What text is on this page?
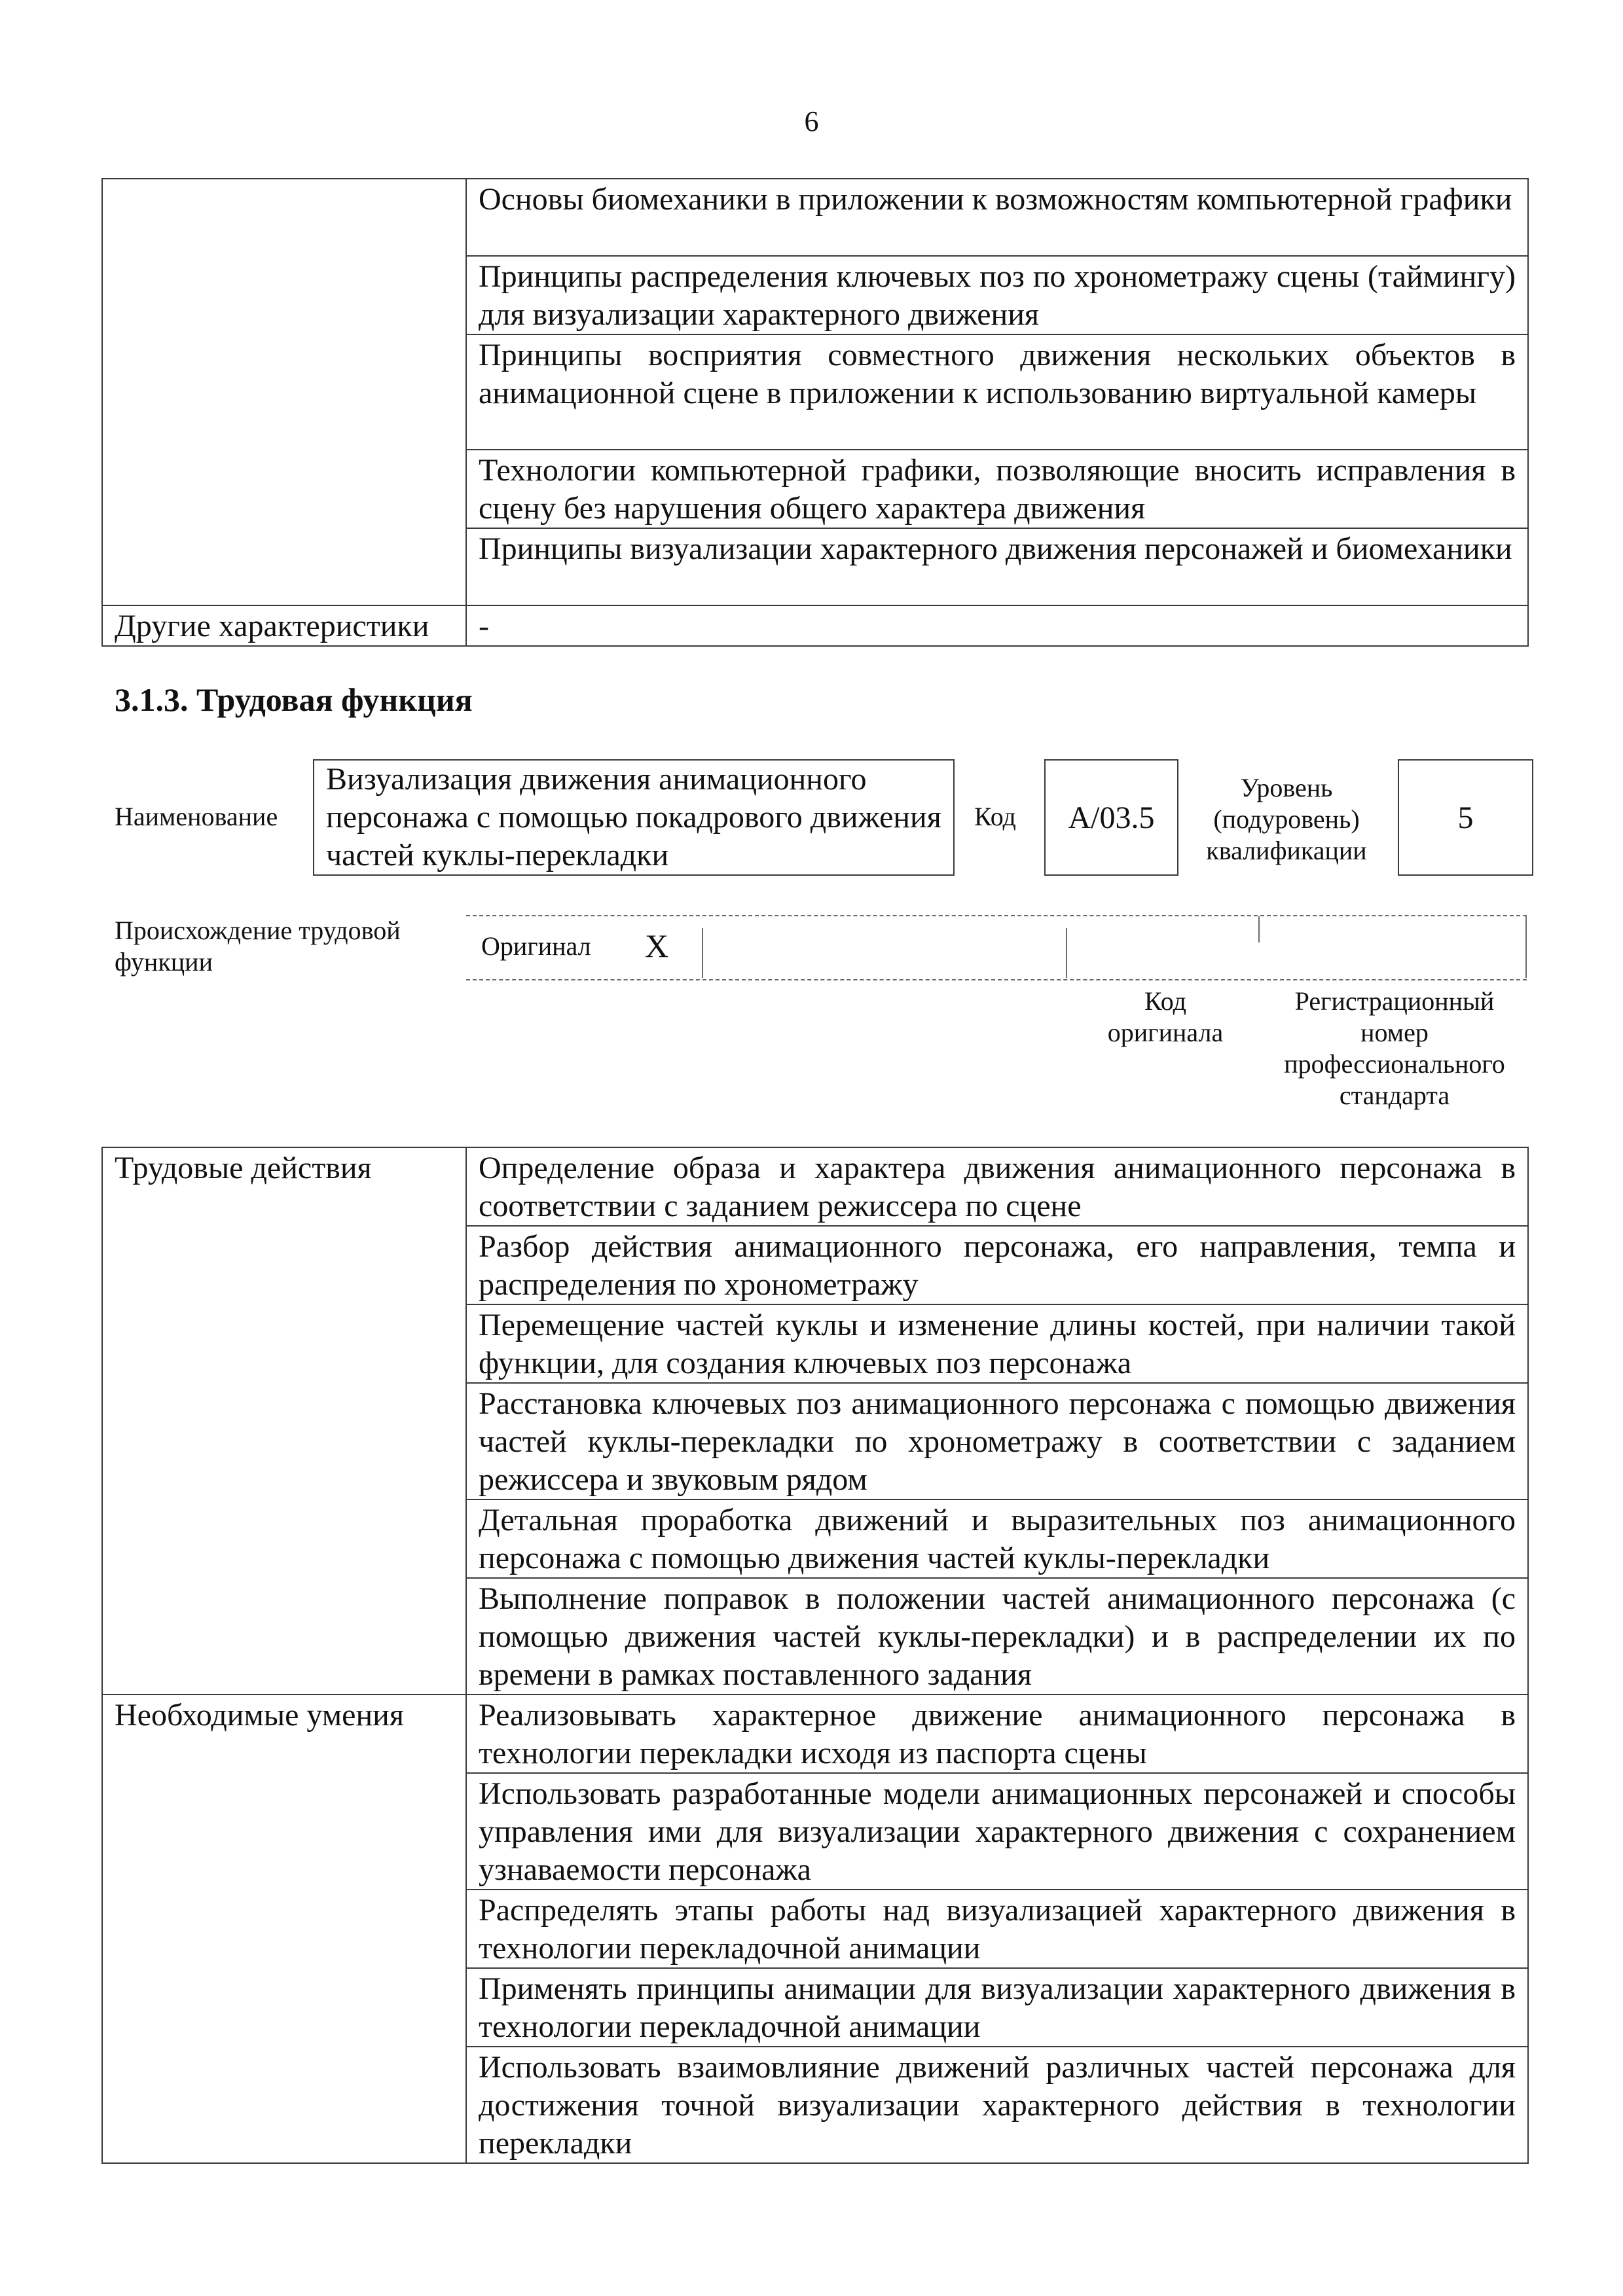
6
	Основы биомеханики в приложении к возможностям компьютерной графики
	Принципы распределения ключевых поз по хронометражу сцены (таймингу) для визуализации характерного движения
	Принципы восприятия совместного движения нескольких объектов в анимационной сцене в приложении к использованию виртуальной камеры
	Технологии компьютерной графики, позволяющие вносить исправления в сцену без нарушения общего характера движения
	Принципы визуализации характерного движения персонажей и биомеханики
Другие характеристики	-
3.1.3. Трудовая функция
Наименование
Визуализация движения анимационного персонажа с помощью покадрового движения частей куклы-перекладки
Код А/03.5
Уровень (подуровень) квалификации
5
Происхождение трудовой функции
Оригинал X
Код оригинала
Регистрационный номер профессионального стандарта
Трудовые действия	Определение образа и характера движения анимационного персонажа в соответствии с заданием режиссера по сцене
	Разбор действия анимационного персонажа, его направления, темпа и распределения по хронометражу
	Перемещение частей куклы и изменение длины костей, при наличии такой функции, для создания ключевых поз персонажа
	Расстановка ключевых поз анимационного персонажа с помощью движения частей куклы-перекладки по хронометражу в соответствии с заданием режиссера и звуковым рядом
	Детальная проработка движений и выразительных поз анимационного персонажа с помощью движения частей куклы-перекладки
	Выполнение поправок в положении частей анимационного персонажа (с помощью движения частей куклы-перекладки) и в распределении их по времени в рамках поставленного задания
Необходимые умения	Реализовывать характерное движение анимационного персонажа в технологии перекладки исходя из паспорта сцены
	Использовать разработанные модели анимационных персонажей и способы управления ими для визуализации характерного движения с сохранением узнаваемости персонажа
	Распределять этапы работы над визуализацией характерного движения в технологии перекладочной анимации
	Применять принципы анимации для визуализации характерного движения в технологии перекладочной анимации
	Использовать взаимовлияние движений различных частей персонажа для достижения точной визуализации характерного действия в технологии перекладки
